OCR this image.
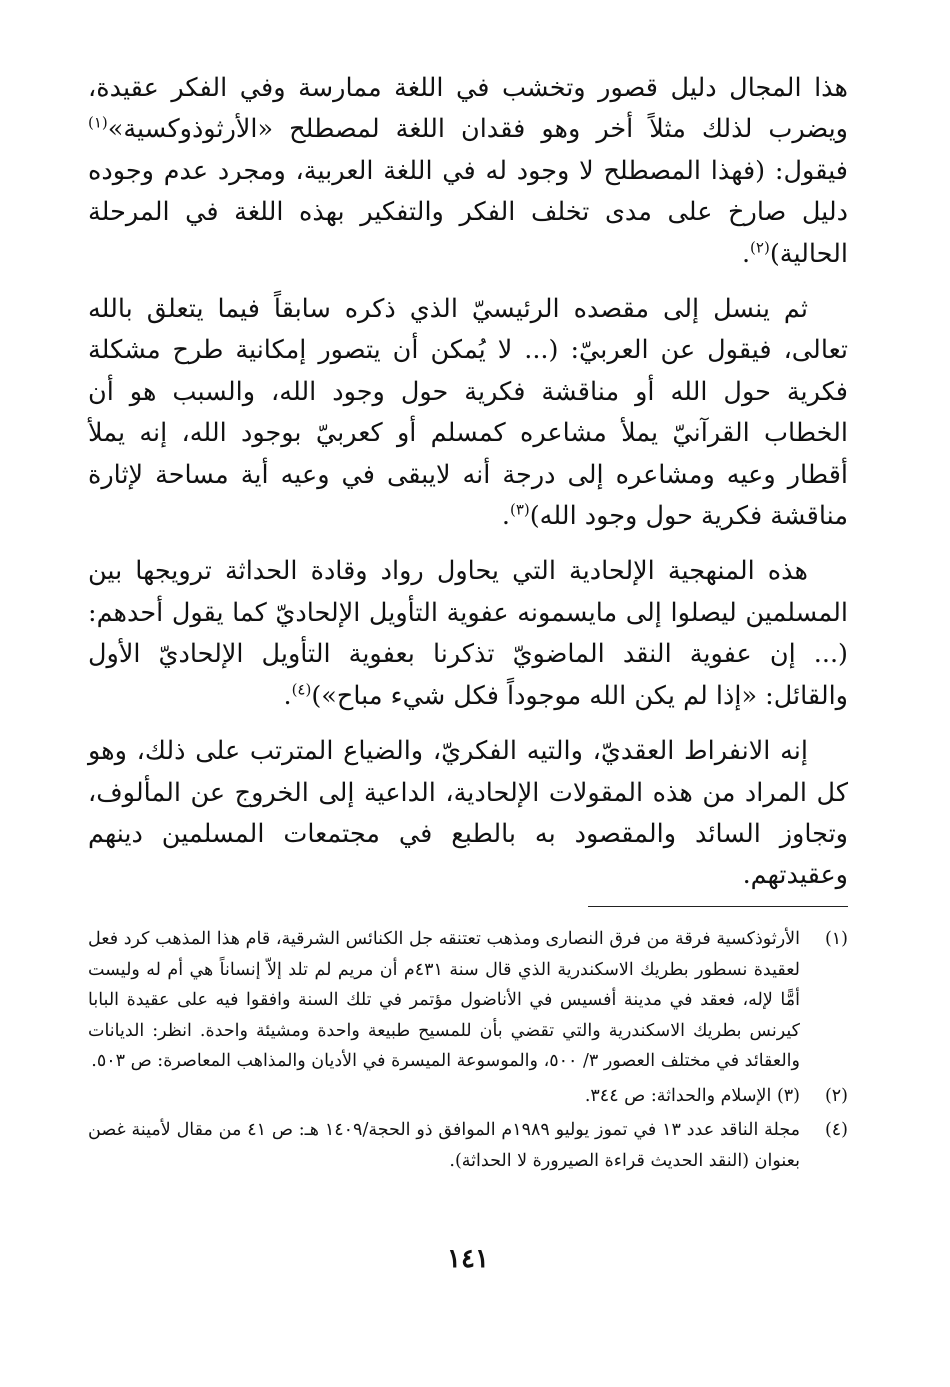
هذا المجال دليل قصور وتخشب في اللغة ممارسة وفي الفكر عقيدة، ويضرب لذلك مثلاً أخر وهو فقدان اللغة لمصطلح «الأرثوذوكسية»$^{(١)}$ فيقول: (فهذا المصطلح لا وجود له في اللغة العربية، ومجرد عدم وجوده دليل صارخ على مدى تخلف الفكر والتفكير بهذه اللغة في المرحلة الحالية)$^{(٢)}$.

ثم ينسل إلى مقصده الرئيسيّ الذي ذكره سابقاً فيما يتعلق بالله تعالى، فيقول عن العربيّ: (... لا يُمكن أن يتصور إمكانية طرح مشكلة فكرية حول الله أو مناقشة فكرية حول وجود الله، والسبب هو أن الخطاب القرآنيّ يملأ مشاعره كمسلم أو كعربيّ بوجود الله، إنه يملأ أقطار وعيه ومشاعره إلى درجة أنه لايبقى في وعيه أية مساحة لإثارة مناقشة فكرية حول وجود الله)$^{(٣)}$.

هذه المنهجية الإلحادية التي يحاول رواد وقادة الحداثة ترويجها بين المسلمين ليصلوا إلى مايسمونه عفوية التأويل الإلحاديّ كما يقول أحدهم: (... إن عفوية النقد الماضويّ تذكرنا بعفوية التأويل الإلحاديّ الأول والقائل: «إذا لم يكن الله موجوداً فكل شيء مباح»)$^{(٤)}$.

إنه الانفراط العقديّ، والتيه الفكريّ، والضياع المترتب على ذلك، وهو كل المراد من هذه المقولات الإلحادية، الداعية إلى الخروج عن المألوف، وتجاوز السائد والمقصود به بالطبع في مجتمعات المسلمين دينهم وعقيدتهم.

(١)
الأرثوذكسية فرقة من فرق النصارى ومذهب تعتنقه جل الكنائس الشرقية، قام هذا المذهب كرد فعل لعقيدة نسطور بطريك الاسكندرية الذي قال سنة ٤٣١م أن مريم لم تلد إلاّ إنساناً هي أم له وليست أمًّا لإله، فعقد في مدينة أفسيس في الأناضول مؤتمر في تلك السنة وافقوا فيه على عقيدة البابا كيرنس بطريك الاسكندرية والتي تقضي بأن للمسيح طبيعة واحدة ومشيئة واحدة. انظر: الديانات والعقائد في مختلف العصور ٣/ ٥٠٠، والموسوعة الميسرة في الأديان والمذاهب المعاصرة: ص ٥٠٣.
(٢)
(٣) الإسلام والحداثة: ص ٣٤٤.
(٤)
مجلة الناقد عدد ١٣ في تموز يوليو ١٩٨٩م الموافق ذو الحجة/١٤٠٩ هـ: ص ٤١ من مقال لأمينة غصن بعنوان (النقد الحديث قراءة الصيرورة لا الحداثة).
١٤١
